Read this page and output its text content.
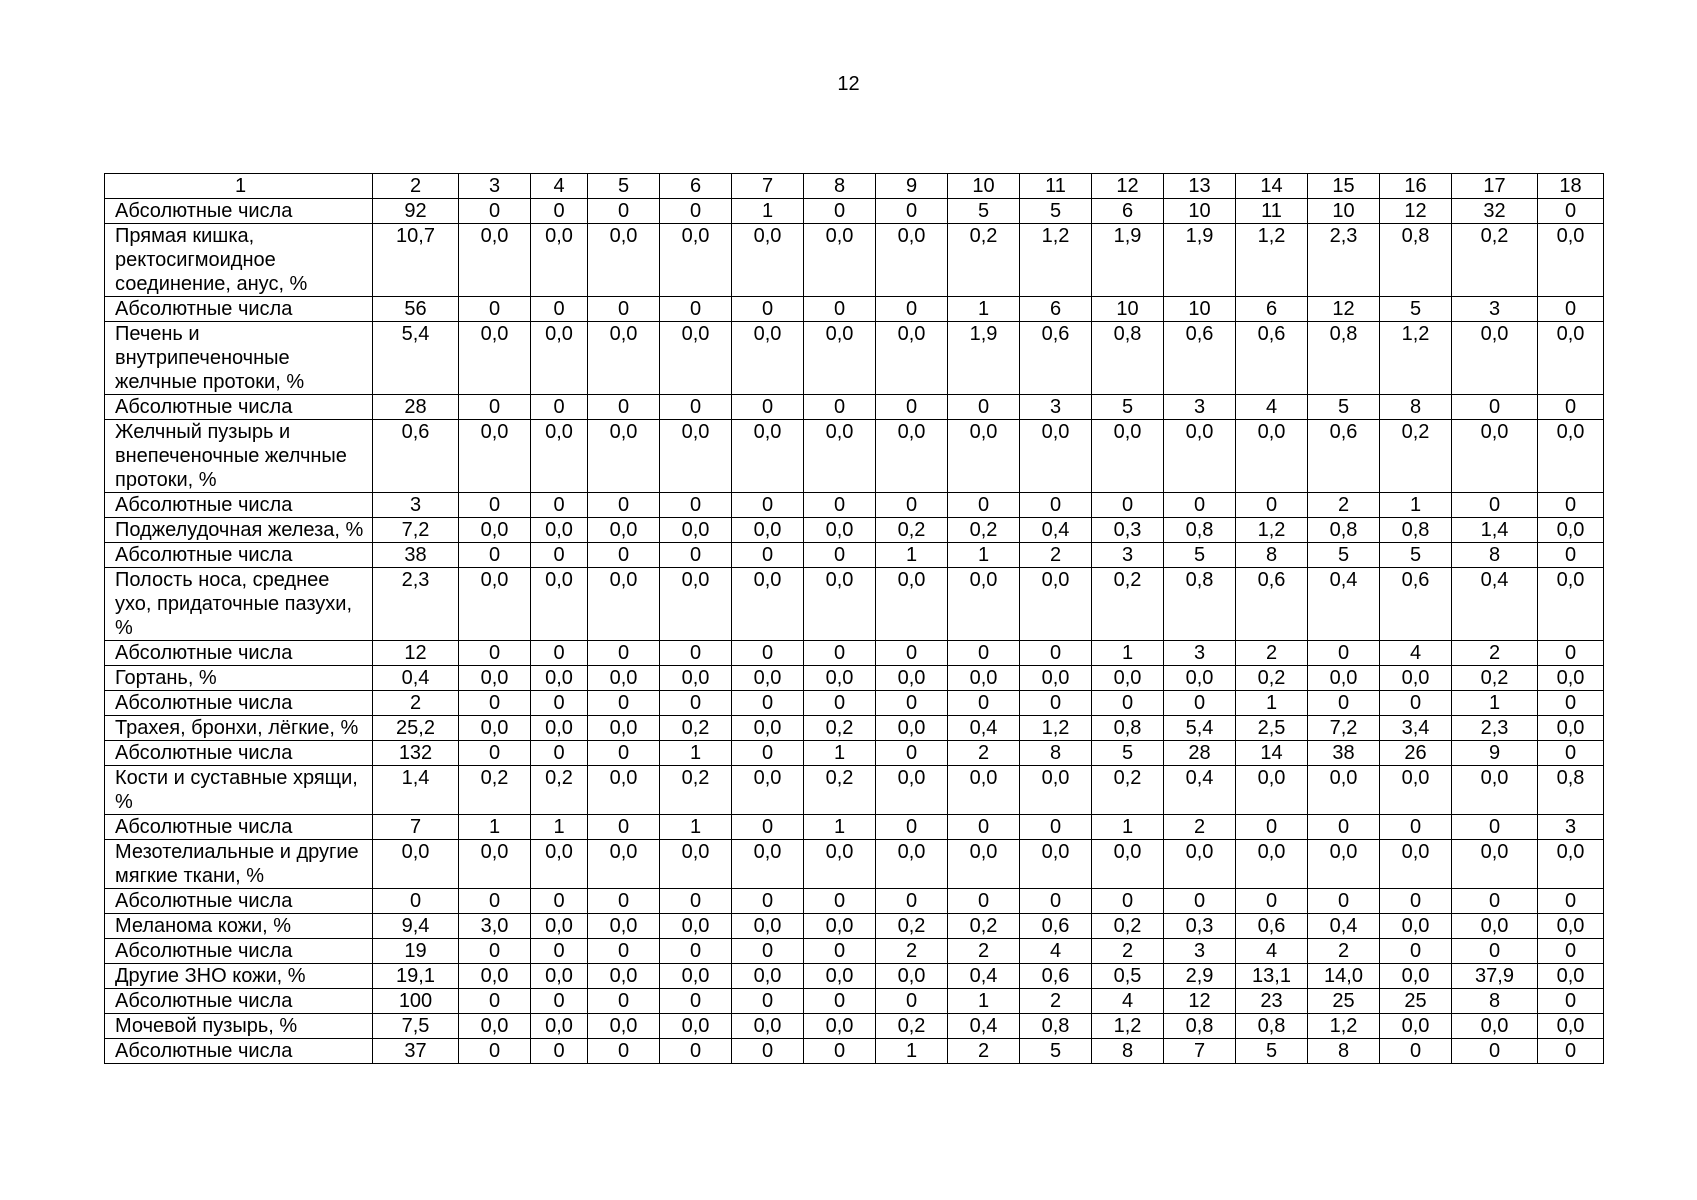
12
1	2	3	4	5	6	7	8	9	10	11	12	13	14	15	16	17	18
Абсолютные числа	92	0	0	0	0	1	0	0	5	5	6	10	11	10	12	32	0
Прямая кишка, ректосигмоидное соединение, анус, %	10,7	0,0	0,0	0,0	0,0	0,0	0,0	0,0	0,2	1,2	1,9	1,9	1,2	2,3	0,8	0,2	0,0
Абсолютные числа	56	0	0	0	0	0	0	0	1	6	10	10	6	12	5	3	0
Печень и внутрипеченочные желчные протоки, %	5,4	0,0	0,0	0,0	0,0	0,0	0,0	0,0	1,9	0,6	0,8	0,6	0,6	0,8	1,2	0,0	0,0
Абсолютные числа	28	0	0	0	0	0	0	0	0	3	5	3	4	5	8	0	0
Желчный пузырь и внепеченочные желчные протоки, %	0,6	0,0	0,0	0,0	0,0	0,0	0,0	0,0	0,0	0,0	0,0	0,0	0,0	0,6	0,2	0,0	0,0
Абсолютные числа	3	0	0	0	0	0	0	0	0	0	0	0	0	2	1	0	0
Поджелудочная железа, %	7,2	0,0	0,0	0,0	0,0	0,0	0,0	0,2	0,2	0,4	0,3	0,8	1,2	0,8	0,8	1,4	0,0
Абсолютные числа	38	0	0	0	0	0	0	1	1	2	3	5	8	5	5	8	0
Полость носа, среднее ухо, придаточные пазухи, %	2,3	0,0	0,0	0,0	0,0	0,0	0,0	0,0	0,0	0,0	0,2	0,8	0,6	0,4	0,6	0,4	0,0
Абсолютные числа	12	0	0	0	0	0	0	0	0	0	1	3	2	0	4	2	0
Гортань, %	0,4	0,0	0,0	0,0	0,0	0,0	0,0	0,0	0,0	0,0	0,0	0,0	0,2	0,0	0,0	0,2	0,0
Абсолютные числа	2	0	0	0	0	0	0	0	0	0	0	0	1	0	0	1	0
Трахея, бронхи, лёгкие, %	25,2	0,0	0,0	0,0	0,2	0,0	0,2	0,0	0,4	1,2	0,8	5,4	2,5	7,2	3,4	2,3	0,0
Абсолютные числа	132	0	0	0	1	0	1	0	2	8	5	28	14	38	26	9	0
Кости и суставные хрящи, %	1,4	0,2	0,2	0,0	0,2	0,0	0,2	0,0	0,0	0,0	0,2	0,4	0,0	0,0	0,0	0,0	0,8
Абсолютные числа	7	1	1	0	1	0	1	0	0	0	1	2	0	0	0	0	3
Мезотелиальные и другие мягкие ткани, %	0,0	0,0	0,0	0,0	0,0	0,0	0,0	0,0	0,0	0,0	0,0	0,0	0,0	0,0	0,0	0,0	0,0
Абсолютные числа	0	0	0	0	0	0	0	0	0	0	0	0	0	0	0	0	0
Меланома кожи, %	9,4	3,0	0,0	0,0	0,0	0,0	0,0	0,2	0,2	0,6	0,2	0,3	0,6	0,4	0,0	0,0	0,0
Абсолютные числа	19	0	0	0	0	0	0	2	2	4	2	3	4	2	0	0	0
Другие ЗНО кожи, %	19,1	0,0	0,0	0,0	0,0	0,0	0,0	0,0	0,4	0,6	0,5	2,9	13,1	14,0	0,0	37,9	0,0
Абсолютные числа	100	0	0	0	0	0	0	0	1	2	4	12	23	25	25	8	0
Мочевой пузырь, %	7,5	0,0	0,0	0,0	0,0	0,0	0,0	0,2	0,4	0,8	1,2	0,8	0,8	1,2	0,0	0,0	0,0
Абсолютные числа	37	0	0	0	0	0	0	1	2	5	8	7	5	8	0	0	0
